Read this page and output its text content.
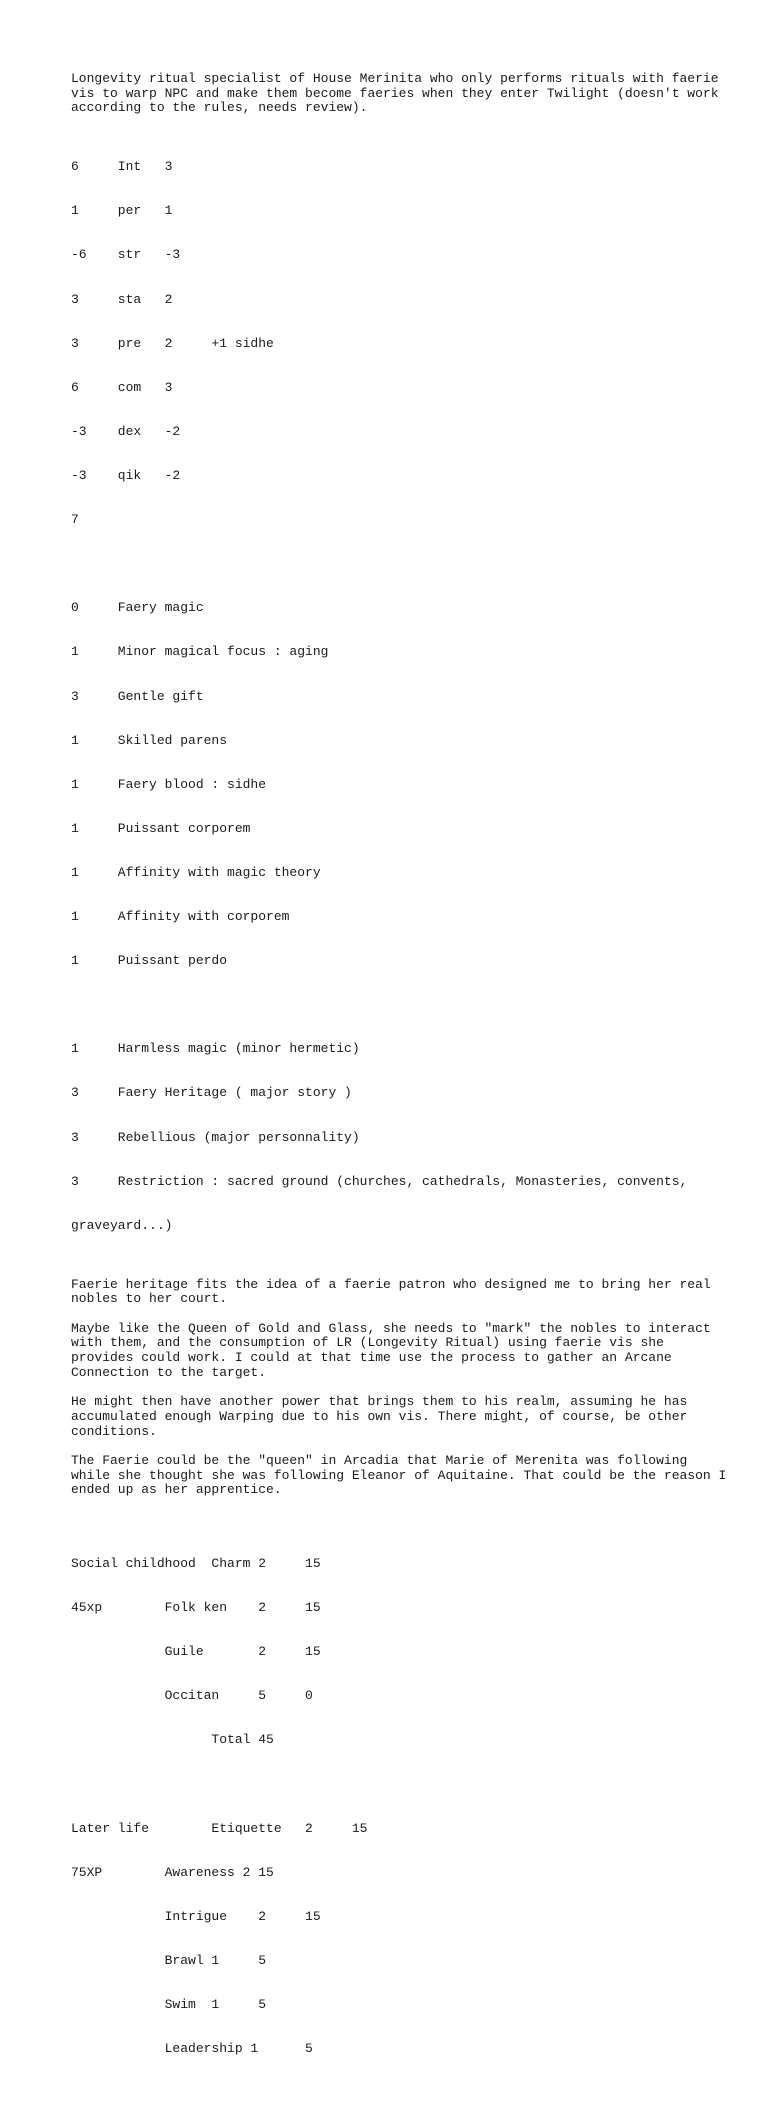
Longevity ritual specialist of House Merinita who only performs rituals with faerie vis to warp NPC and make them become faeries when they enter Twilight (doesn't work according to the rules, needs review).

6     Int   3

1     per   1

-6    str   -3

3     sta   2

3     pre   2     +1 sidhe

6     com   3

-3    dex   -2

-3    qik   -2

7

0     Faery magic

1     Minor magical focus : aging

3     Gentle gift

1     Skilled parens

1     Faery blood : sidhe

1     Puissant corporem

1     Affinity with magic theory

1     Affinity with corporem

1     Puissant perdo

1     Harmless magic (minor hermetic)

3     Faery Heritage ( major story )

3     Rebellious (major personnality)

3     Restriction : sacred ground (churches, cathedrals, Monasteries, convents,

graveyard...)

Faerie heritage fits the idea of a faerie patron who designed me to bring her real nobles to her court.

Maybe like the Queen of Gold and Glass, she needs to "mark" the nobles to interact with them, and the consumption of LR (Longevity Ritual) using faerie vis she provides could work. I could at that time use the process to gather an Arcane Connection to the target.

He might then have another power that brings them to his realm, assuming he has accumulated enough Warping due to his own vis. There might, of course, be other conditions.

The Faerie could be the "queen" in Arcadia that Marie of Merenita was following while she thought she was following Eleanor of Aquitaine. That could be the reason I ended up as her apprentice.

Social childhood  Charm 2     15

45xp        Folk ken    2     15

Guile       2     15

Occitan     5     0

Total 45

Later life        Etiquette   2     15

75XP        Awareness 2 15

Intrigue    2     15

Brawl 1     5

Swim  1     5

Leadership 1      5
